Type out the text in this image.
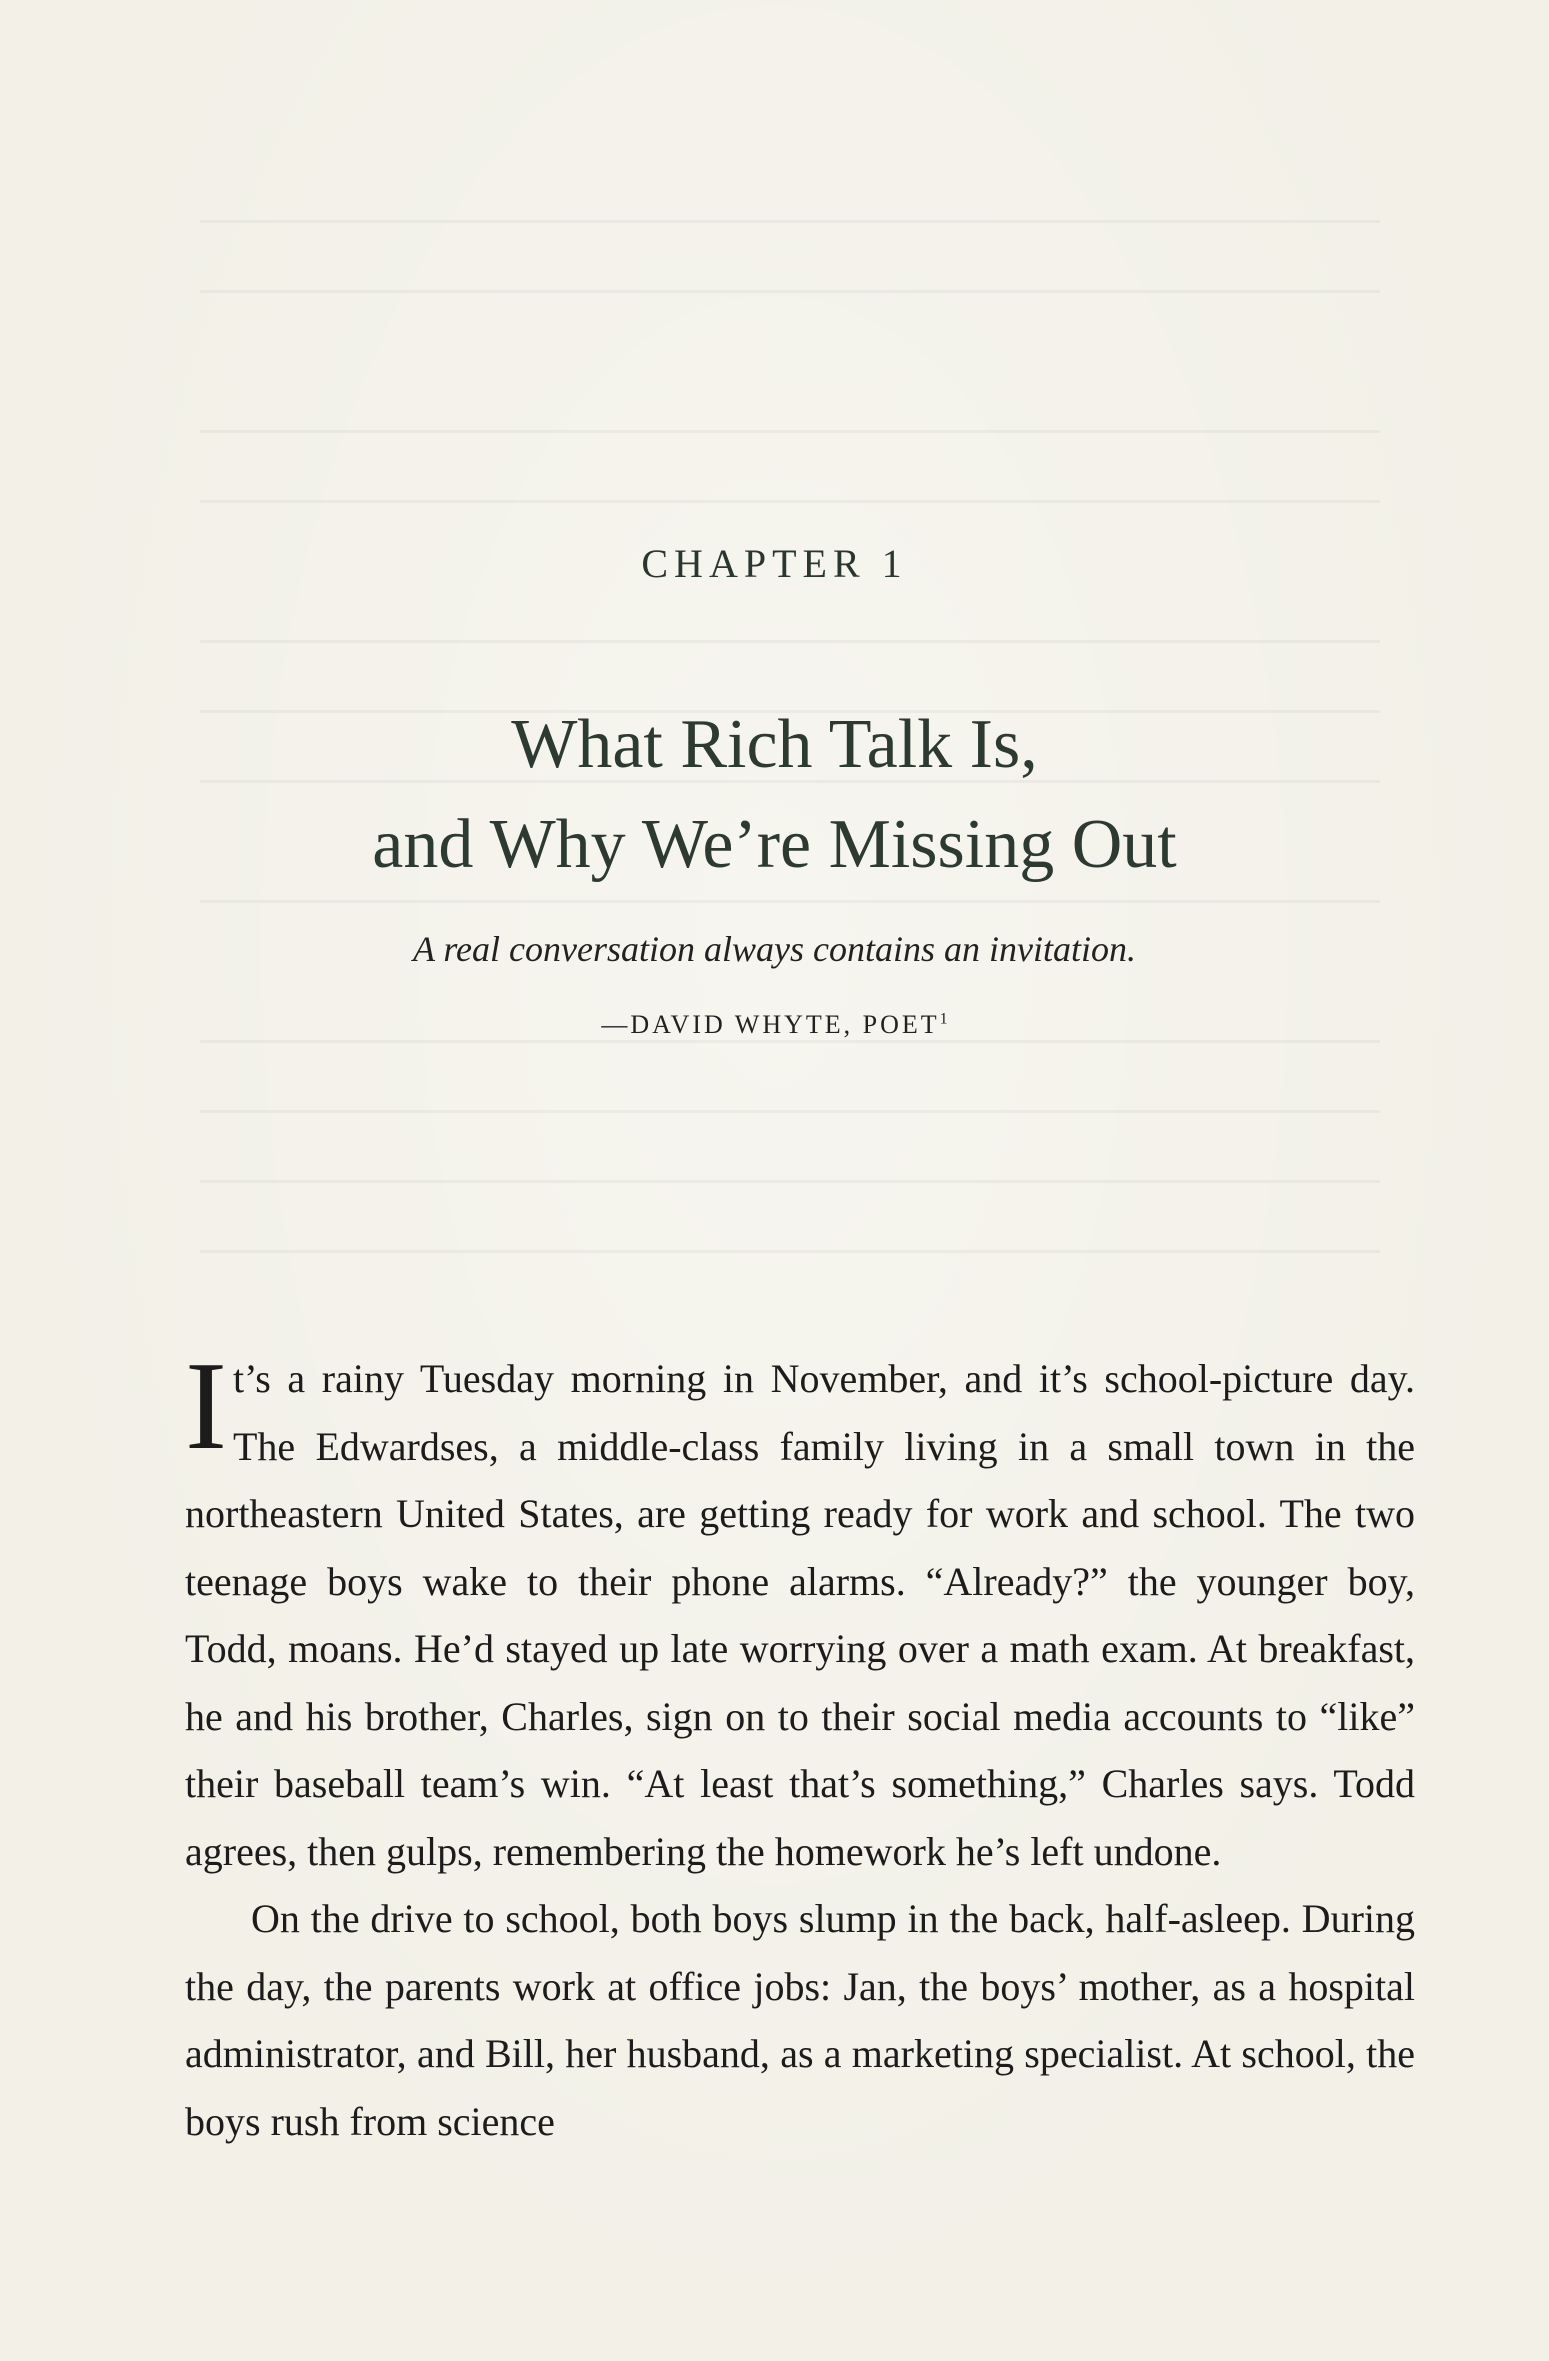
CHAPTER 1
What Rich Talk Is,
and Why We’re Missing Out
A real conversation always contains an invitation.
—DAVID WHYTE, POET$^1$

It’s a rainy Tuesday morning in November, and it’s school-picture day. The Edwardses, a middle-class family living in a small town in the northeastern United States, are getting ready for work and school. The two teenage boys wake to their phone alarms. “Already?” the younger boy, Todd, moans. He’d stayed up late worrying over a math exam. At breakfast, he and his brother, Charles, sign on to their social media accounts to “like” their baseball team’s win. “At least that’s something,” Charles says. Todd agrees, then gulps, remembering the homework he’s left undone.

On the drive to school, both boys slump in the back, half-asleep. During the day, the parents work at office jobs: Jan, the boys’ mother, as a hospital administrator, and Bill, her husband, as a marketing specialist. At school, the boys rush from science
